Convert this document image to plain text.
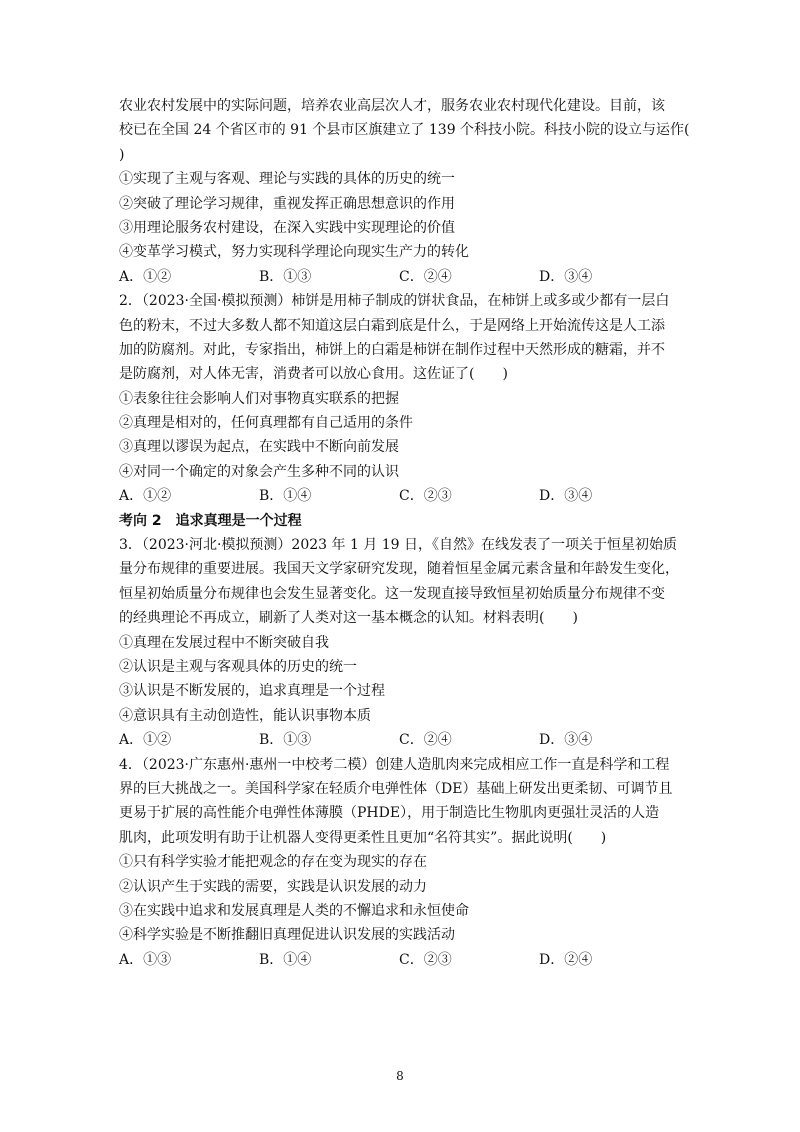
农业农村发展中的实际问题，培养农业高层次人才，服务农业农村现代化建设。目前，该
校已在全国 24 个省区市的 91 个县市区旗建立了 139 个科技小院。科技小院的设立与运作(
)
①实现了主观与客观、理论与实践的具体的历史的统一
②突破了理论学习规律，重视发挥正确思想意识的作用
③用理论服务农村建设，在深入实践中实现理论的价值
④变革学习模式，努力实现科学理论向现实生产力的转化
A．①②	B．①③	C．②④	D．③④
2．（2023·全国·模拟预测）柿饼是用柿子制成的饼状食品，在柿饼上或多或少都有一层白
色的粉末，不过大多数人都不知道这层白霜到底是什么，于是网络上开始流传这是人工添
加的防腐剂。对此，专家指出，柿饼上的白霜是柿饼在制作过程中天然形成的糖霜，并不
是防腐剂，对人体无害，消费者可以放心食用。这佐证了(　　)
①表象往往会影响人们对事物真实联系的把握
②真理是相对的，任何真理都有自己适用的条件
③真理以谬误为起点，在实践中不断向前发展
④对同一个确定的对象会产生多种不同的认识
A．①②	B．①④	C．②③	D．③④
考向 2　追求真理是一个过程
3．（2023·河北·模拟预测）2023 年 1 月 19 日，《自然》在线发表了一项关于恒星初始质
量分布规律的重要进展。我国天文学家研究发现，随着恒星金属元素含量和年龄发生变化，
恒星初始质量分布规律也会发生显著变化。这一发现直接导致恒星初始质量分布规律不变
的经典理论不再成立，刷新了人类对这一基本概念的认知。材料表明(　　)
①真理在发展过程中不断突破自我
②认识是主观与客观具体的历史的统一
③认识是不断发展的，追求真理是一个过程
④意识具有主动创造性，能认识事物本质
A．①②	B．①③	C．②④	D．③④
4．（2023·广东惠州·惠州一中校考二模）创建人造肌肉来完成相应工作一直是科学和工程
界的巨大挑战之一。美国科学家在轻质介电弹性体（DE）基础上研发出更柔韧、可调节且
更易于扩展的高性能介电弹性体薄膜（PHDE），用于制造比生物肌肉更强壮灵活的人造
肌肉，此项发明有助于让机器人变得更柔性且更加“名符其实”。据此说明(　　)
①只有科学实验才能把观念的存在变为现实的存在
②认识产生于实践的需要，实践是认识发展的动力
③在实践中追求和发展真理是人类的不懈追求和永恒使命
④科学实验是不断推翻旧真理促进认识发展的实践活动
A．①③	B．①④	C．②③	D．②④
8
